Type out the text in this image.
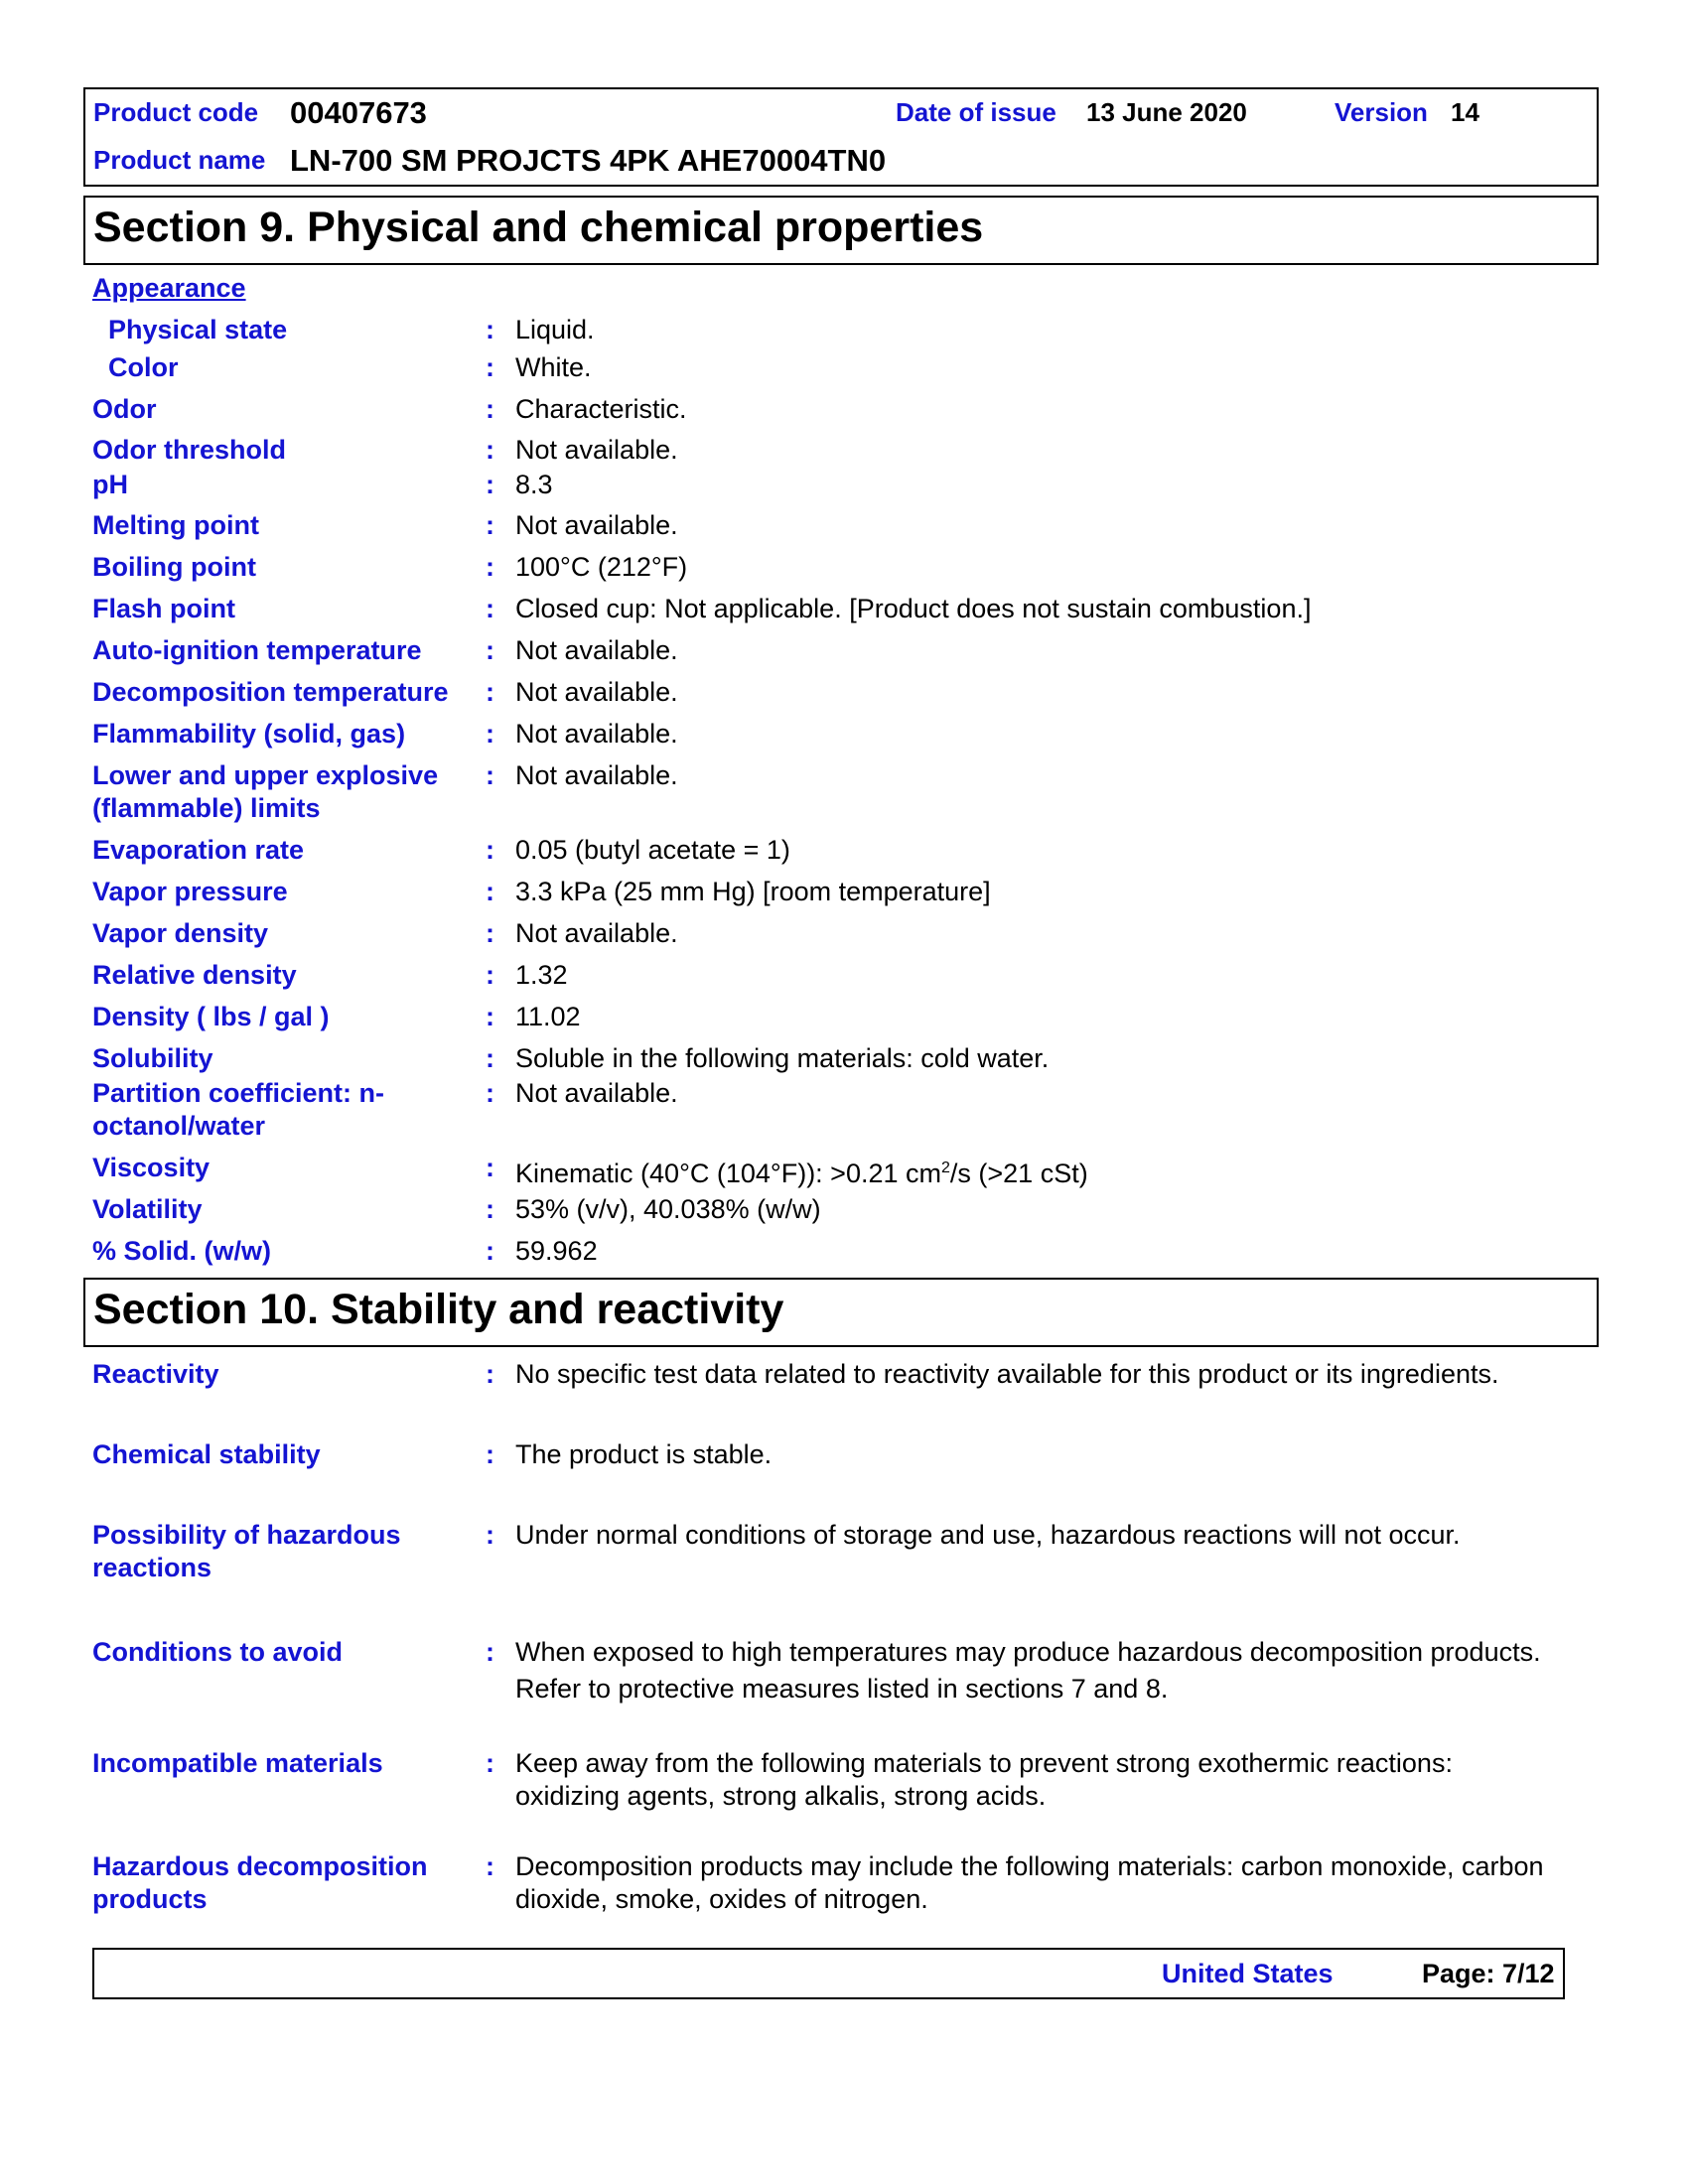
Product code 00407673	Date of issue 13 June 2020	Version 14
Product name LN-700 SM PROJCTS 4PK AHE70004TN0
Section 9. Physical and chemical properties
Appearance
Physical state	: Liquid.
Color	: White.
Odor	: Characteristic.
Odor threshold	: Not available.
pH	: 8.3
Melting point	: Not available.
Boiling point	: 100°C (212°F)
Flash point	: Closed cup: Not applicable. [Product does not sustain combustion.]
Auto-ignition temperature	: Not available.
Decomposition temperature	: Not available.
Flammability (solid, gas)	: Not available.
Lower and upper explosive (flammable) limits
: Not available.
Evaporation rate	: 0.05 (butyl acetate = 1)
Vapor pressure	: 3.3 kPa (25 mm Hg) [room temperature]
Vapor density	: Not available.
Relative density	: 1.32
Density ( lbs / gal )	: 11.02
Solubility	: Soluble in the following materials: cold water.
Partition coefficient: n-octanol/water
: Not available.
Viscosity	: Kinematic (40°C (104°F)): >0.21 $cm^2/s$ (>21 cSt)
Volatility	: 53% (v/v), 40.038% (w/w)
% Solid. (w/w)	: 59.962
Section 10. Stability and reactivity
Reactivity	: No specific test data related to reactivity available for this product or its ingredients.
Chemical stability	: The product is stable.
Possibility of hazardous reactions
: Under normal conditions of storage and use, hazardous reactions will not occur.
Conditions to avoid	: When exposed to high temperatures may produce hazardous decomposition products.
Refer to protective measures listed in sections 7 and 8.
Incompatible materials	: Keep away from the following materials to prevent strong exothermic reactions: oxidizing agents, strong alkalis, strong acids.
Hazardous decomposition products
: Decomposition products may include the following materials: carbon monoxide, carbon dioxide, smoke, oxides of nitrogen.
United States	Page: 7/12
